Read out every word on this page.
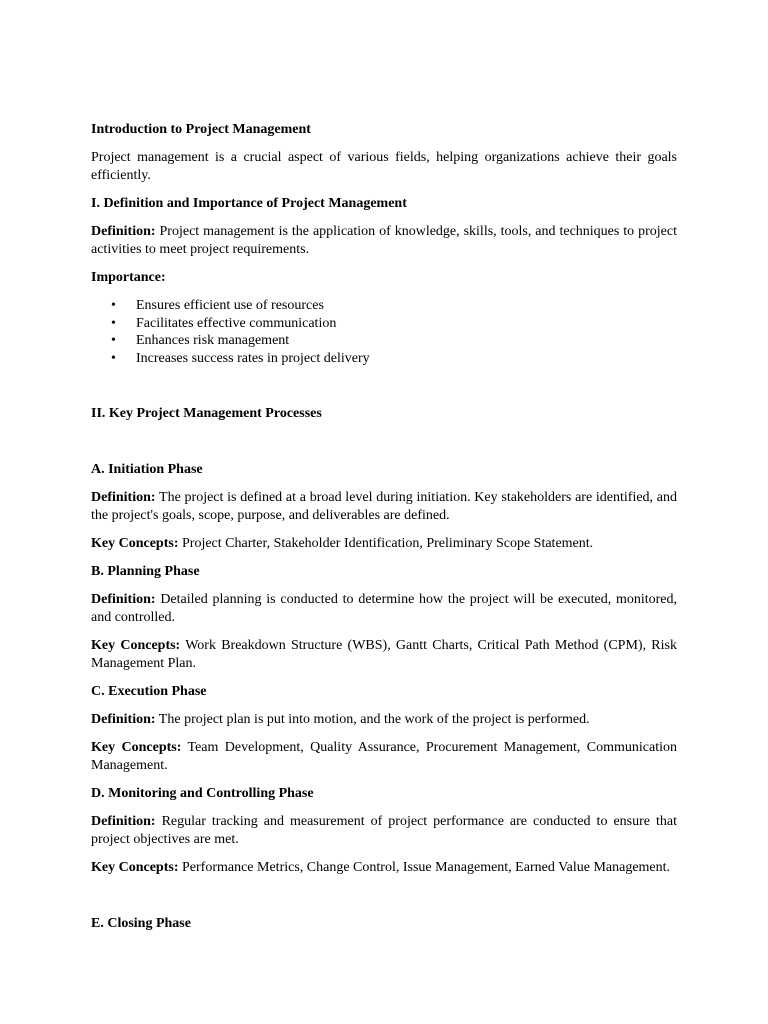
Introduction to Project Management

Project management is a crucial aspect of various fields, helping organizations achieve their goals efficiently.

I. Definition and Importance of Project Management

Definition: Project management is the application of knowledge, skills, tools, and techniques to project activities to meet project requirements.

Importance:

• Ensures efficient use of resources
• Facilitates effective communication
• Enhances risk management
• Increases success rates in project delivery

II. Key Project Management Processes

A. Initiation Phase

Definition: The project is defined at a broad level during initiation. Key stakeholders are identified, and the project's goals, scope, purpose, and deliverables are defined.

Key Concepts: Project Charter, Stakeholder Identification, Preliminary Scope Statement.

B. Planning Phase

Definition: Detailed planning is conducted to determine how the project will be executed, monitored, and controlled.

Key Concepts: Work Breakdown Structure (WBS), Gantt Charts, Critical Path Method (CPM), Risk Management Plan.

C. Execution Phase

Definition: The project plan is put into motion, and the work of the project is performed.

Key Concepts: Team Development, Quality Assurance, Procurement Management, Communication Management.

D. Monitoring and Controlling Phase

Definition: Regular tracking and measurement of project performance are conducted to ensure that project objectives are met.

Key Concepts: Performance Metrics, Change Control, Issue Management, Earned Value Management.

E. Closing Phase
